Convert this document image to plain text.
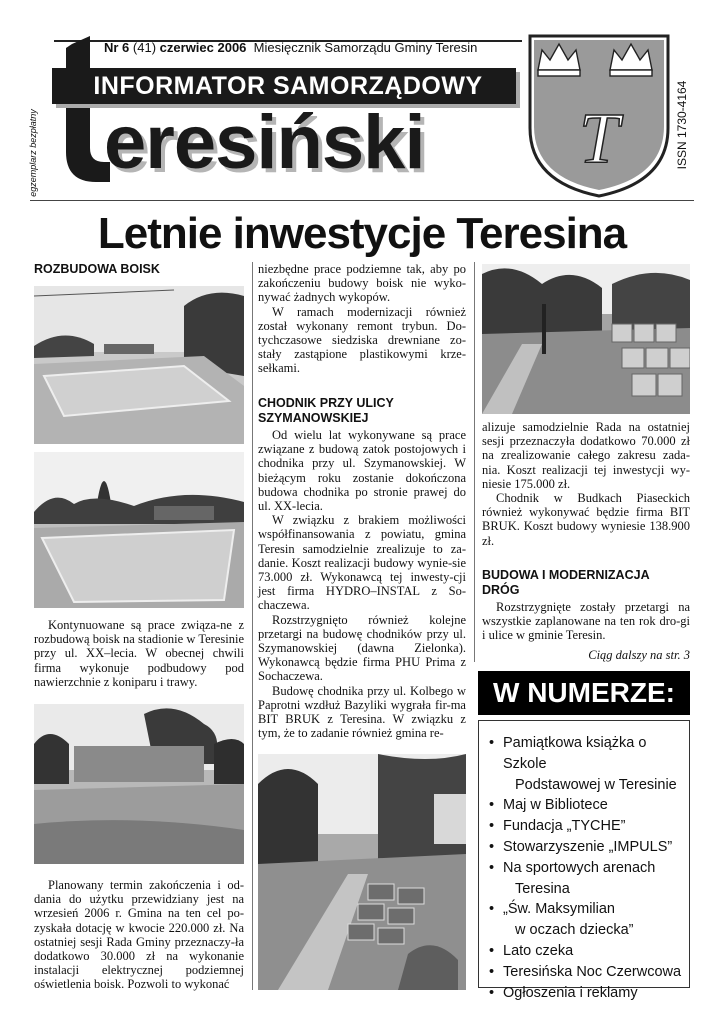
Nr 6 (41) czerwiec 2006 Miesięcznik Samorządu Gminy Teresin
egzemplarz bezpłatny
INFORMATOR SAMORZĄDOWY
eresiński T	ISSN 1730-4164
Letnie inwestycje Teresina
ROZBUDOWA BOISK

Kontynuowane są prace związa-ne z rozbudową boisk na stadionie w Teresinie przy ul. XX–lecia. W obecnej chwili firma wykonuje podbudowy pod nawierzchnie z koniparu i trawy.

Planowany termin zakończenia i od-dania do użytku przewidziany jest na wrzesień 2006 r. Gmina na ten cel po-zyskała dotację w kwocie 220.000 zł. Na ostatniej sesji Rada Gminy przeznaczy-ła dodatkowo 30.000 zł na wykonanie instalacji elektrycznej podziemnej oświetlenia boisk. Pozwoli to wykonać

niezbędne prace podziemne tak, aby po zakończeniu budowy boisk nie wyko-nywać żadnych wykopów.

W ramach modernizacji również został wykonany remont trybun. Do-tychczasowe siedziska drewniane zo-stały zastąpione plastikowymi krze-sełkami.

CHODNIK PRZY ULICY SZYMANOWSKIEJ

Od wielu lat wykonywane są prace związane z budową zatok postojowych i chodnika przy ul. Szymanowskiej. W bieżącym roku zostanie dokończona budowa chodnika po stronie prawej do ul. XX-lecia.

W związku z brakiem możliwości współfinansowania z powiatu, gmina Teresin samodzielnie zrealizuje to za-danie. Koszt realizacji budowy wynie-sie 73.000 zł. Wykonawcą tej inwesty-cji jest firma HYDRO–INSTAL z So-chaczewa.

Rozstrzygnięto również kolejne przetargi na budowę chodników przy ul. Szymanowskiej (dawna Zielonka). Wykonawcą będzie firma PHU Prima z Sochaczewa.

Budowę chodnika przy ul. Kolbego w Paprotni wzdłuż Bazyliki wygrała fir-ma BIT BRUK z Teresina. W związku z tym, że to zadanie również gmina re-

alizuje samodzielnie Rada na ostatniej sesji przeznaczyła dodatkowo 70.000 zł na zrealizowanie całego zakresu zada-nia. Koszt realizacji tej inwestycji wy-niesie 175.000 zł.

Chodnik w Budkach Piaseckich również wykonywać będzie firma BIT BRUK. Koszt budowy wyniesie 138.900 zł.

BUDOWA I MODERNIZACJA DRÓG

Rozstrzygnięte zostały przetargi na wszystkie zaplanowane na ten rok dro-gi i ulice w gminie Teresin.

Ciąg dalszy na str. 3
W NUMERZE:
• Pamiątkowa książka o Szkole
Podstawowej w Teresinie
• Maj w Bibliotece
• Fundacja „TYCHE”
• Stowarzyszenie „IMPULS”
• Na sportowych arenach
Teresina
• „Św. Maksymilian
w oczach dziecka”
• Lato czeka
• Teresińska Noc Czerwcowa
• Ogłoszenia i reklamy
